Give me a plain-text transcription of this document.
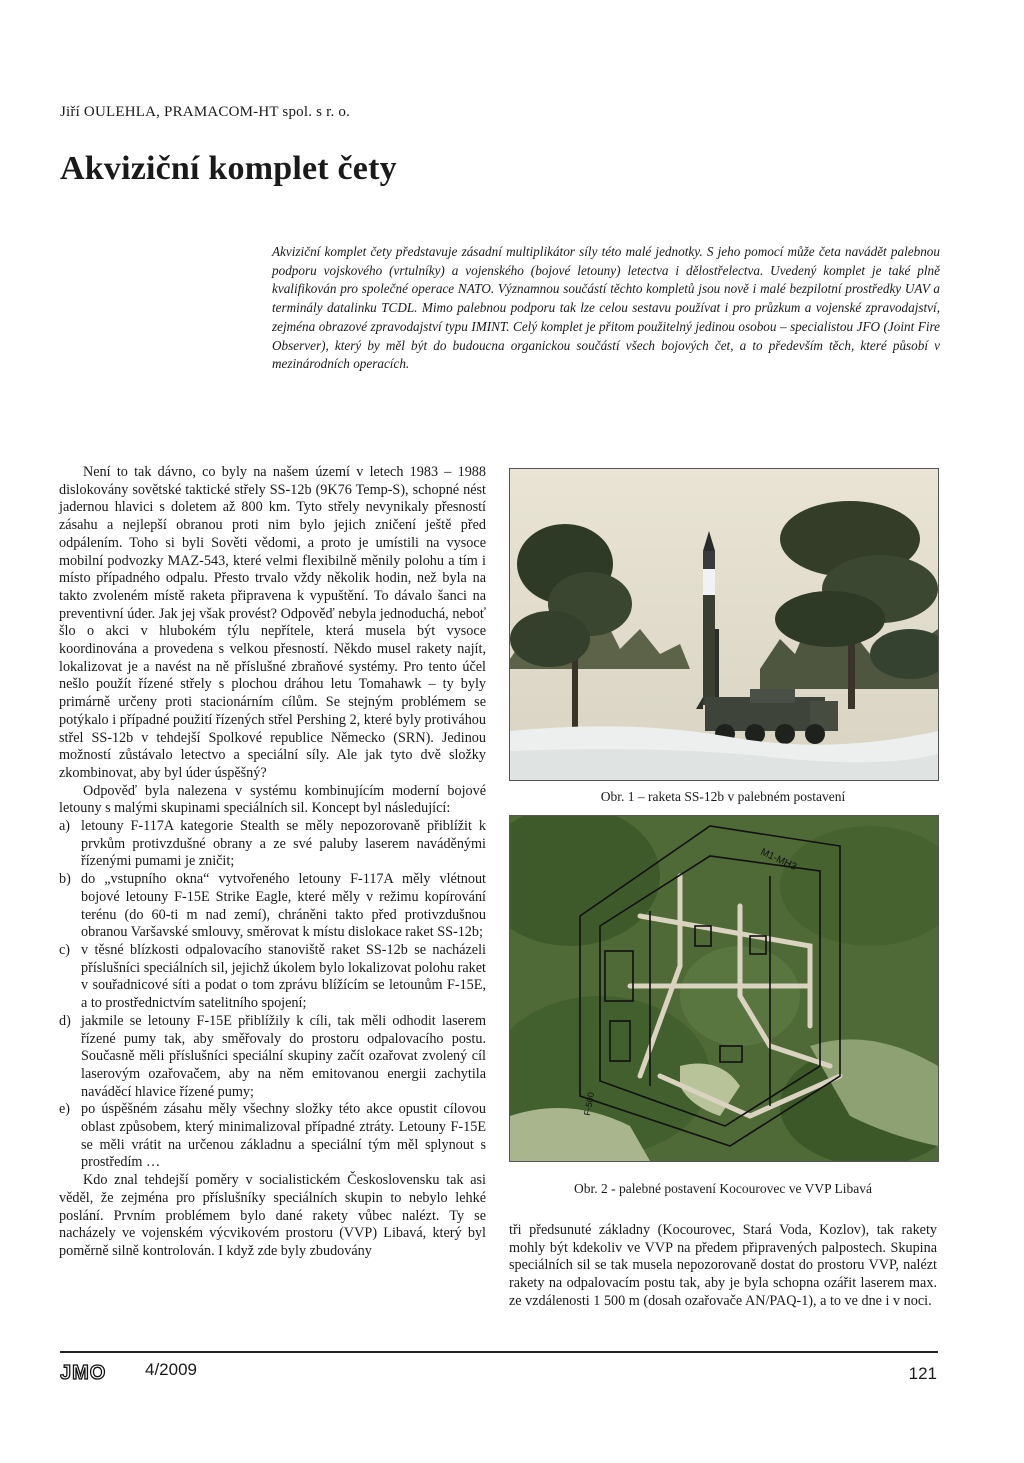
Jiří OULEHLA, PRAMACOM-HT spol. s r. o.
Akviziční komplet čety

Akviziční komplet čety představuje zásadní multiplikátor síly této malé jednotky. S jeho pomocí může četa navádět palebnou podporu vojskového (vrtulníky) a vojenského (bojové letouny) letectva i dělostřelectva. Uvedený komplet je také plně kvalifikován pro společné operace NATO. Významnou součástí těchto kompletů jsou nově i malé bezpilotní prostředky UAV a terminály datalinku TCDL. Mimo palebnou podporu tak lze celou sestavu používat i pro průzkum a vojenské zpravodajství, zejména obrazové zpravodajství typu IMINT. Celý komplet je přitom použitelný jedinou osobou – specialistou JFO (Joint Fire Observer), který by měl být do budoucna organickou součástí všech bojových čet, a to především těch, které působí v mezinárodních operacích.

Není to tak dávno, co byly na našem území v letech 1983 – 1988 dislokovány sovětské taktické střely SS-12b (9K76 Temp-S), schopné nést jadernou hlavici s doletem až 800 km. Tyto střely nevynikaly přesností zásahu a nejlepší obranou proti nim bylo jejich zničení ještě před odpálením. Toho si byli Sověti vědomi, a proto je umístili na vysoce mobilní podvozky MAZ-543, které velmi flexibilně měnily polohu a tím i místo případného odpalu. Přesto trvalo vždy několik hodin, než byla na takto zvoleném místě raketa připravena k vypuštění. To dávalo šanci na preventivní úder. Jak jej však provést? Odpověď nebyla jednoduchá, neboť šlo o akci v hlubokém týlu nepřítele, která musela být vysoce koordinována a provedena s velkou přesností. Někdo musel rakety najít, lokalizovat je a navést na ně příslušné zbraňové systémy. Pro tento účel nešlo použít řízené střely s plochou dráhou letu Tomahawk – ty byly primárně určeny proti stacionárním cílům. Se stejným problémem se potýkalo i případné použití řízených střel Pershing 2, které byly protiváhou střel SS-12b v tehdejší Spolkové republice Německo (SRN). Jedinou možností zůstávalo letectvo a speciální síly. Ale jak tyto dvě složky zkombinovat, aby byl úder úspěšný?

Odpověď byla nalezena v systému kombinujícím moderní bojové letouny s malými skupinami speciálních sil. Koncept byl následující:

a) letouny F-117A kategorie Stealth se měly nepozorovaně přiblížit k prvkům protivzdušné obrany a ze své paluby laserem naváděnými řízenými pumami je zničit;
b) do „vstupního okna“ vytvořeného letouny F-117A měly vlétnout bojové letouny F-15E Strike Eagle, které měly v režimu kopírování terénu (do 60-ti m nad zemí), chráněni takto před protivzdušnou obranou Varšavské smlouvy, směrovat k místu dislokace raket SS-12b;
c) v těsné blízkosti odpalovacího stanoviště raket SS-12b se nacházeli příslušníci speciálních sil, jejichž úkolem bylo lokalizovat polohu raket v souřadnicové síti a podat o tom zprávu blížícím se letounům F-15E, a to prostřednictvím satelitního spojení;
d) jakmile se letouny F-15E přiblížily k cíli, tak měli odhodit laserem řízené pumy tak, aby směřovaly do prostoru odpalovacího postu. Současně měli příslušníci speciální skupiny začít ozařovat zvolený cíl laserovým ozařovačem, aby na něm emitovanou energii zachytila naváděcí hlavice řízené pumy;
e) po úspěšném zásahu měly všechny složky této akce opustit cílovou oblast způsobem, který minimalizoval případné ztráty. Letouny F-15E se měli vrátit na určenou základnu a speciální tým měl splynout s prostředím …

Kdo znal tehdejší poměry v socialistickém Československu tak asi věděl, že zejména pro příslušníky speciálních skupin to nebylo lehké poslání. Prvním problémem bylo dané rakety vůbec nalézt. Ty se nacházely ve vojenském výcvikovém prostoru (VVP) Libavá, který byl poměrně silně kontrolován. I když zde byly zbudovány

Obr. 1 – raketa SS-12b v palebném postavení
M1-MH3
F-500
Obr. 2 - palebné postavení Kocourovec ve VVP Libavá

tři předsunuté základny (Kocourovec, Stará Voda, Kozlov), tak rakety mohly být kdekoliv ve VVP na předem připravených palpostech. Skupina speciálních sil se tak musela nepozorovaně dostat do prostoru VVP, nalézt rakety na odpalovacím postu tak, aby je byla schopna ozářit laserem max. ze vzdálenosti 1 500 m (dosah ozařovače AN/PAQ-1), a to ve dne i v noci.

JMO 4/2009	121
